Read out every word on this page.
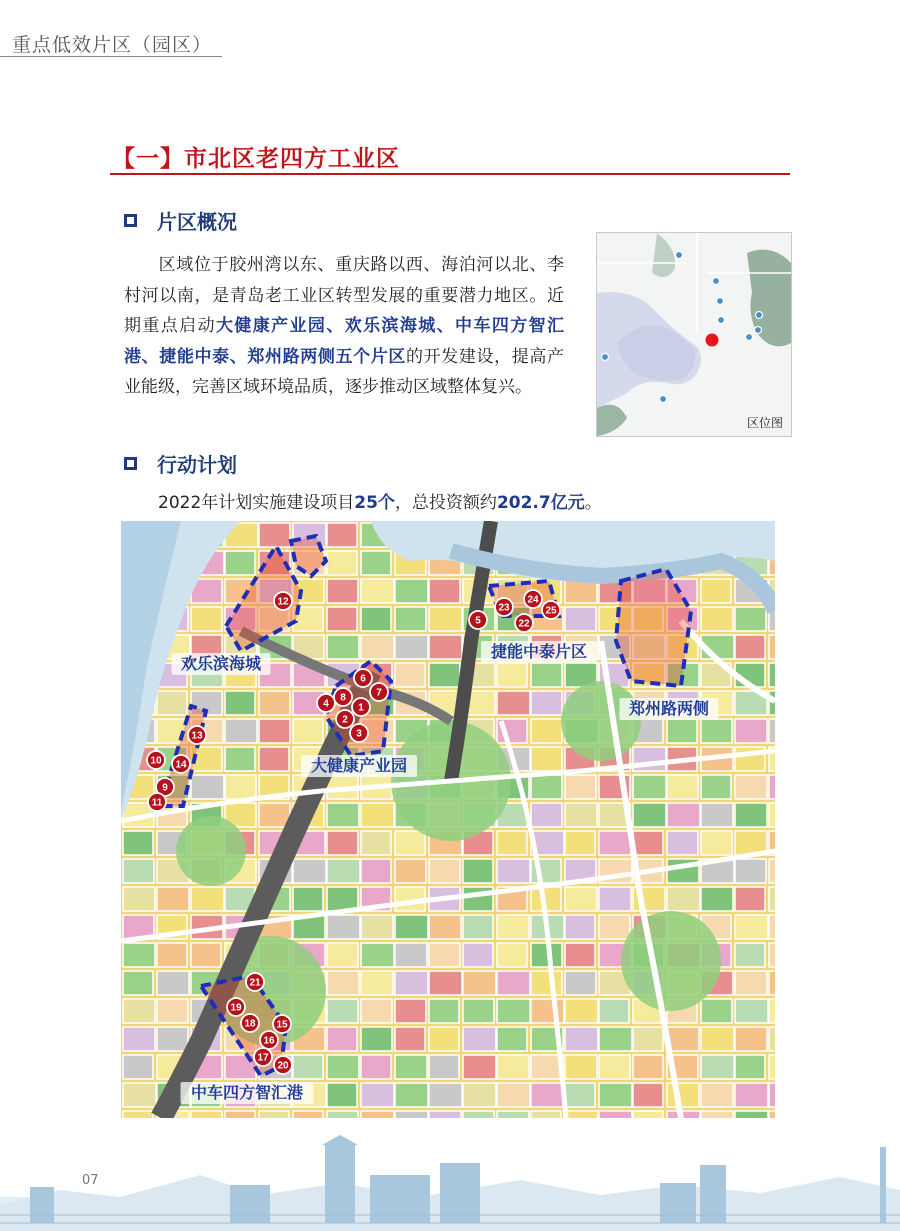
重点低效片区（园区）
【一】市北区老四方工业区
片区概况
区域位于胶州湾以东、重庆路以西、海泊河以北、李村河以南，是青岛老工业区转型发展的重要潜力地区。近期重点启动大健康产业园、欢乐滨海城、中车四方智汇港、捷能中泰、郑州路两侧五个片区的开发建设，提高产业能级，完善区域环境品质，逐步推动区域整体复兴。
区位图
行动计划
2022年计划实施建设项目25个，总投资额约202.7亿元。
1
2
3
4
5
6
7
8
9
10
11
12
13
14
15
16
17
18
19
20
21
22
23
24
25
欢乐滨海城
捷能中泰片区
郑州路两侧
大健康产业园
中车四方智汇港
07
